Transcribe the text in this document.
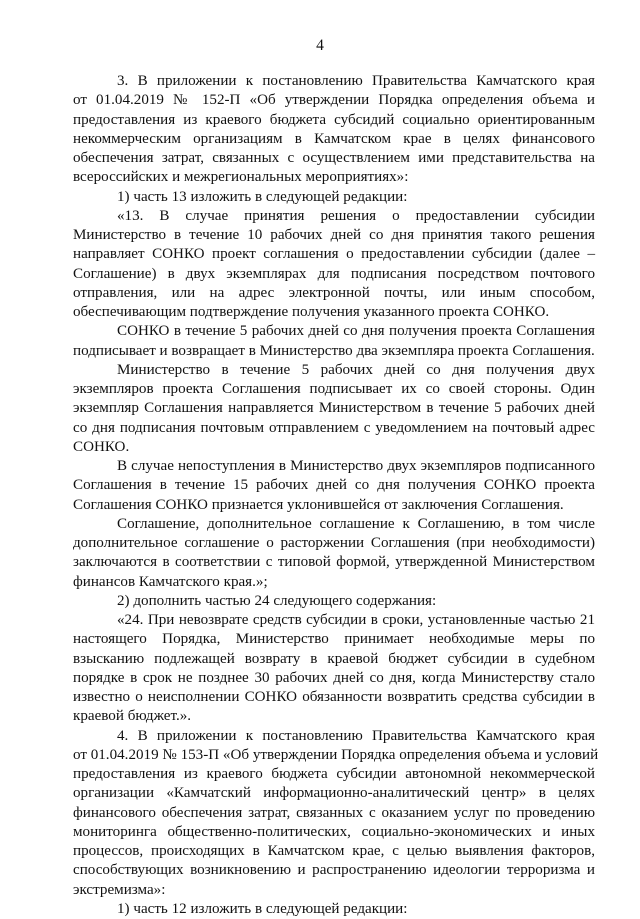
4
3. В приложении к постановлению Правительства Камчатского края
от 01.04.2019 № 152-П «Об утверждении Порядка определения объема и
предоставления из краевого бюджета субсидий социально ориентированным
некоммерческим организациям в Камчатском крае в целях финансового
обеспечения затрат, связанных с осуществлением ими представительства на
всероссийских и межрегиональных мероприятиях»:
1) часть 13 изложить в следующей редакции:
«13. В случае принятия решения о предоставлении субсидии
Министерство в течение 10 рабочих дней со дня принятия такого решения
направляет СОНКО проект соглашения о предоставлении субсидии (далее –
Соглашение) в двух экземплярах для подписания посредством почтового
отправления, или на адрес электронной почты, или иным способом,
обеспечивающим подтверждение получения указанного проекта СОНКО.
СОНКО в течение 5 рабочих дней со дня получения проекта Соглашения
подписывает и возвращает в Министерство два экземпляра проекта Соглашения.
Министерство в течение 5 рабочих дней со дня получения двух
экземпляров проекта Соглашения подписывает их со своей стороны. Один
экземпляр Соглашения направляется Министерством в течение 5 рабочих дней
со дня подписания почтовым отправлением с уведомлением на почтовый адрес
СОНКО.
В случае непоступления в Министерство двух экземпляров подписанного
Соглашения в течение 15 рабочих дней со дня получения СОНКО проекта
Соглашения СОНКО признается уклонившейся от заключения Соглашения.
Соглашение, дополнительное соглашение к Соглашению, в том числе
дополнительное соглашение о расторжении Соглашения (при необходимости)
заключаются в соответствии с типовой формой, утвержденной Министерством
финансов Камчатского края.»;
2) дополнить частью 24 следующего содержания:
«24. При невозврате средств субсидии в сроки, установленные частью 21
настоящего Порядка, Министерство принимает необходимые меры по
взысканию подлежащей возврату в краевой бюджет субсидии в судебном
порядке в срок не позднее 30 рабочих дней со дня, когда Министерству стало
известно о неисполнении СОНКО обязанности возвратить средства субсидии в
краевой бюджет.».
4. В приложении к постановлению Правительства Камчатского края
от 01.04.2019 № 153-П «Об утверждении Порядка определения объема и условий
предоставления из краевого бюджета субсидии автономной некоммерческой
организации «Камчатский информационно-аналитический центр» в целях
финансового обеспечения затрат, связанных с оказанием услуг по проведению
мониторинга общественно-политических, социально-экономических и иных
процессов, происходящих в Камчатском крае, с целью выявления факторов,
способствующих возникновению и распространению идеологии терроризма и
экстремизма»:
1) часть 12 изложить в следующей редакции:
